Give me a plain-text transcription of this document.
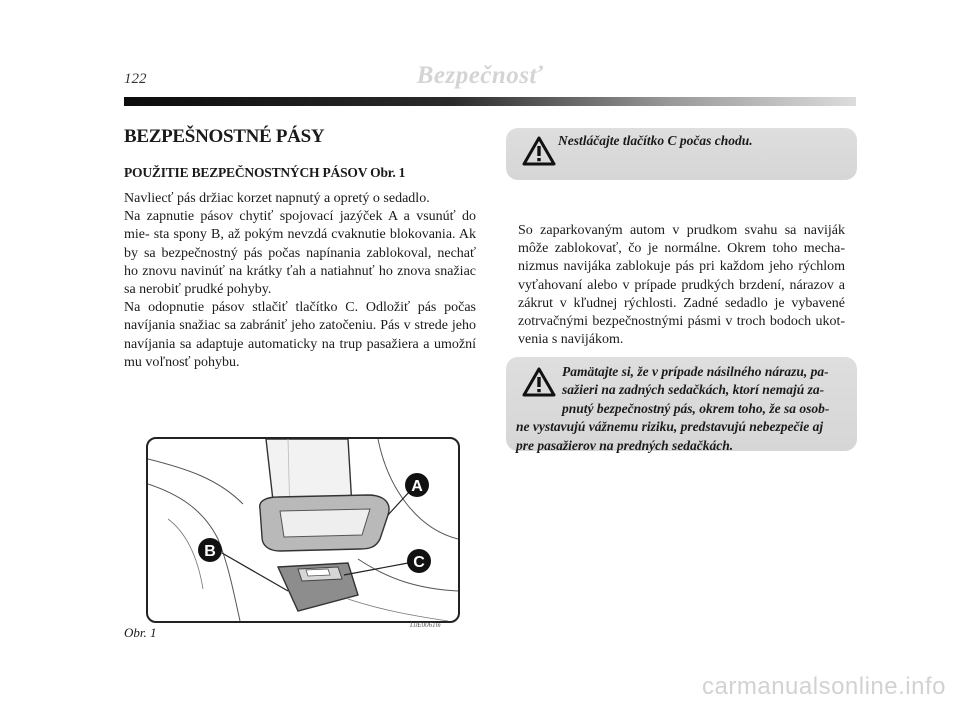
122	Bezpečnosť
BEZPEŠNOSTNÉ PÁSY
POUŽITIE BEZPEČNOSTNÝCH PÁSOV Obr. 1

Navliecť pás držiac korzet napnutý a opretý o sedadlo.

Na zapnutie pásov chytiť spojovací jazýček A a vsunúť do mie- sta spony B, až pokým nevzdá cvaknutie blokovania. Ak by sa bezpečnostný pás počas napínania zablokoval, nechať ho znovu navinúť na krátky ťah a natiahnuť ho znova snažiac sa nerobiť prudké pohyby.

Na odopnutie pásov stlačiť tlačítko C. Odložiť pás počas navíjania snažiac sa zabrániť jeho zatočeniu. Pás v strede jeho navíjania sa adaptuje automaticky na trup pasažiera a umožní mu voľnosť pohybu.

Nestláčajte tlačítko C počas chodu.

So zaparkovaným autom v prudkom svahu sa naviják môže zablokovať, čo je normálne. Okrem toho mecha- nizmus navijáka zablokuje pás pri každom jeho rýchlom vyťahovaní alebo v prípade prudkých brzdení, nárazov a zákrut v kľudnej rýchlosti. Zadné sedadlo je vybavené zotrvačnými bezpečnostnými pásmi v troch bodoch ukot- venia s navijákom.

Pamätajte si, že v prípade násilného nárazu, pa-
sažieri na zadných sedačkách, ktorí nemajú za-
pnutý bezpečnostný pás, okrem toho, že sa osob-
ne vystavujú vážnemu riziku, predstavujú nebezpečie aj
pre pasažierov na predných sedačkách.
A
B
C
Obr. 1	L0E0061m
carmanualsonline.info
